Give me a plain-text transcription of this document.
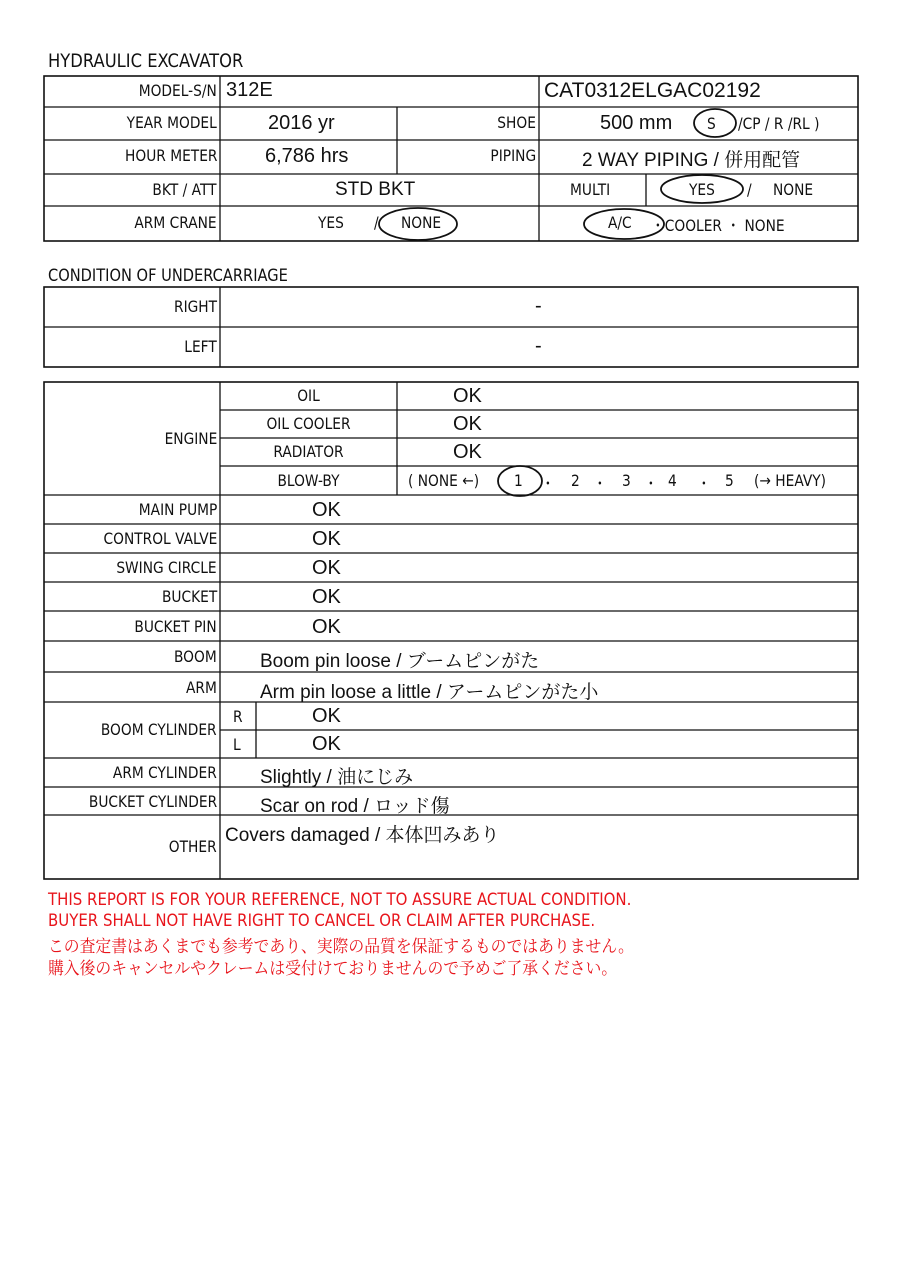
HYDRAULIC EXCAVATOR
MODEL-S/N 312E	CAT0312ELGAC02192
YEAR MODEL	2016 yr	SHOE	500 mm S /CP / R /RL )
HOUR METER 6,786 hrs	PIPING 2 WAY PIPING / 併用配管
BKT / ATT	STD BKT	MULTI	YES / NONE
ARM CRANE	YES / NONE	A/C ・COOLER ・ NONE
CONDITION OF UNDERCARRIAGE
RIGHT	-
LEFT	-
ENGINE
OIL	OK
OIL COOLER	OK
RADIATOR	OK
BLOW-BY	( NONE ←) 1 ・ 2 ・ 3 ・ 4 ・ 5 (→ HEAVY)
MAIN PUMP	OK
CONTROL VALVE	OK
SWING CIRCLE	OK
BUCKET	OK
BUCKET PIN	OK
BOOM Boom pin loose / ブームピンがた
ARM Arm pin loose a little / アームピンがた小
BOOM CYLINDER
R	OK
L	OK
ARM CYLINDER Slightly / 油にじみ
BUCKET CYLINDER Scar on rod / ロッド傷
OTHER
Covers damaged / 本体凹みあり
THIS REPORT IS FOR YOUR REFERENCE, NOT TO ASSURE ACTUAL CONDITION.
BUYER SHALL NOT HAVE RIGHT TO CANCEL OR CLAIM AFTER PURCHASE.
この査定書はあくまでも参考であり、実際の品質を保証するものではありません。
購入後のキャンセルやクレームは受付けておりませんので予めご了承ください。
